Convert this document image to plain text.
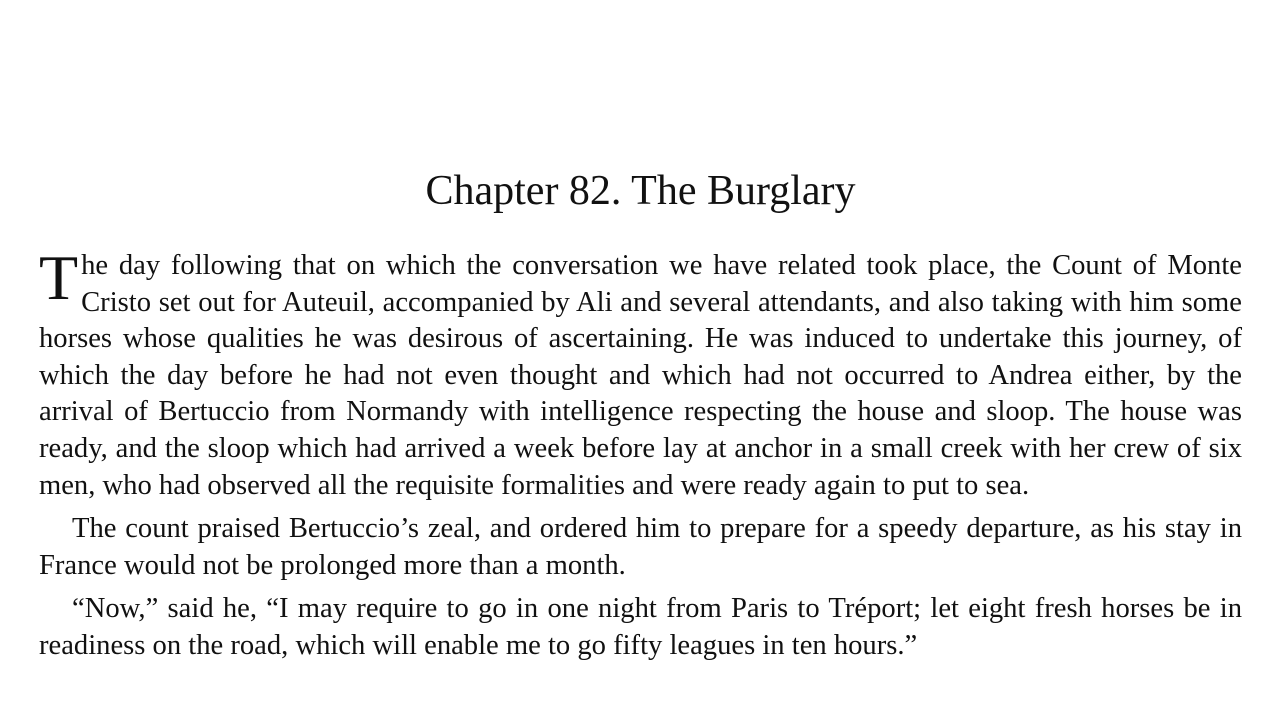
Chapter 82. The Burglary

The day following that on which the conversation we have related took place, the Count of Monte Cristo set out for Auteuil, accompanied by Ali and several attendants, and also taking with him some horses whose qualities he was desirous of ascertaining. He was induced to undertake this journey, of which the day before he had not even thought and which had not occurred to Andrea either, by the arrival of Bertuccio from Normandy with intelligence respecting the house and sloop. The house was ready, and the sloop which had arrived a week before lay at anchor in a small creek with her crew of six men, who had observed all the requisite formalities and were ready again to put to sea.

The count praised Bertuccio’s zeal, and ordered him to prepare for a speedy departure, as his stay in France would not be prolonged more than a month.

“Now,” said he, “I may require to go in one night from Paris to Tréport; let eight fresh horses be in readiness on the road, which will enable me to go fifty leagues in ten hours.”
